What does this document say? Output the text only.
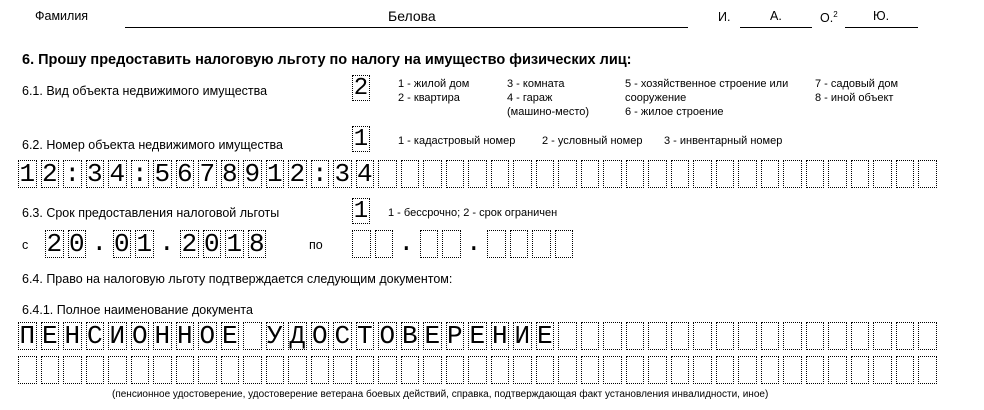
Фамилия	Белова	И.	А.	О.$^2$	Ю.
6. Прошу предоставить налоговую льготу по налогу на имущество физических лиц:
6.1. Вид объекта недвижимого имущества	2	1 - жилой дом
2 - квартира
3 - комната
4 - гараж
(машино-место)
5 - хозяйственное строение или
сооружение
6 - жилое строение
7 - садовый дом
8 - иной объект
6.2. Номер объекта недвижимого имущества	1	1 - кадастровый номер 2 - условный номер 3 - инвентарный номер
1 2 : 3 4 : 5 6 7 8 9 1 2 : 3 4
6.3. Срок предоставления налоговой льготы	1 1 - бессрочно; 2 - срок ограничен
с 2 0 . 0 1 . 2 0 1 8	по	. .
6.4. Право на налоговую льготу подтверждается следующим документом:
6.4.1. Полное наименование документа
П Е Н С И О Н Н О Е У Д О С Т О В Е Р Е Н И Е
(пенсионное удостоверение, удостоверение ветерана боевых действий, справка, подтверждающая факт установления инвалидности, иное)
